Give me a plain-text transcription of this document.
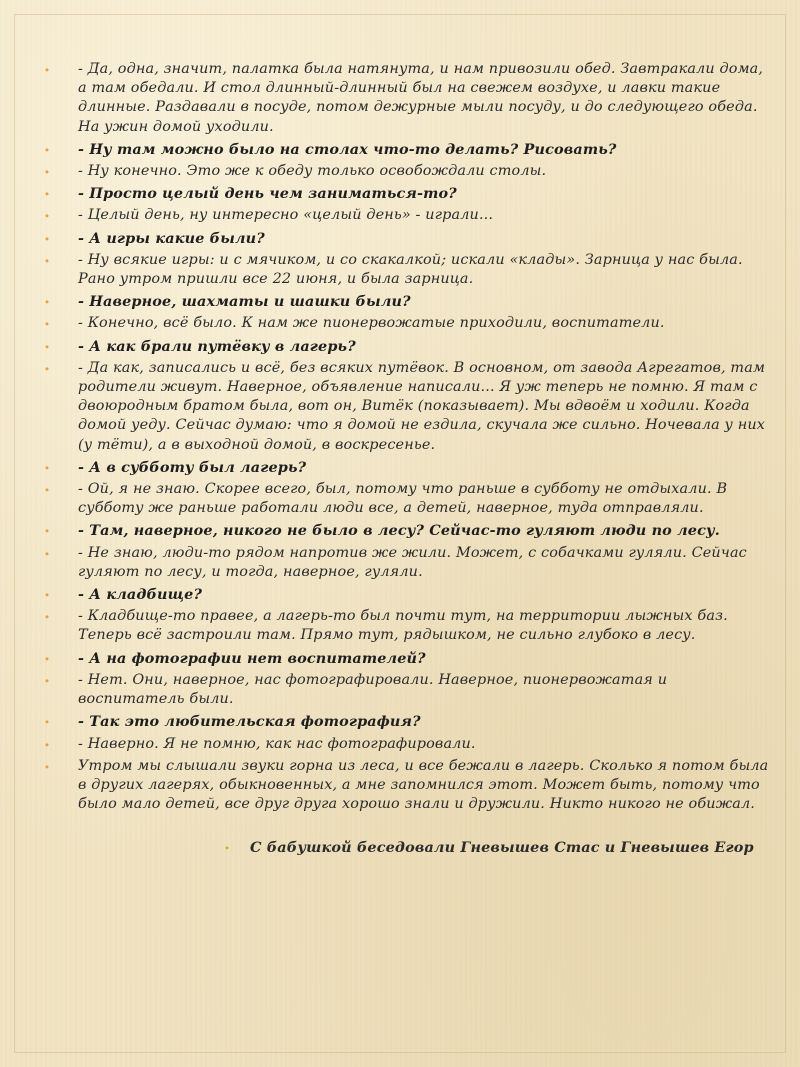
⬩	- Да, одна, значит, палатка была натянута, и нам привозили обед. Завтракали дома, а там обедали. И стол длинный-длинный был на свежем воздухе, и лавки такие длинные. Раздавали в посуде, потом дежурные мыли посуду, и до следующего обеда. На ужин домой уходили.
⬩	- Ну там можно было на столах что-то делать? Рисовать?
⬩	- Ну конечно. Это же к обеду только освобождали столы.
⬩	- Просто целый день чем заниматься-то?
⬩	- Целый день, ну интересно «целый день» - играли...
⬩	- А игры какие были?
⬩	- Ну всякие игры: и с мячиком, и со скакалкой; искали «клады». Зарница у нас была. Рано утром пришли все 22 июня, и была зарница.
⬩	- Наверное, шахматы и шашки были?
⬩	- Конечно, всё было. К нам же пионервожатые приходили, воспитатели.
⬩	- А как брали путёвку в лагерь?
⬩	- Да как, записались и всё, без всяких путёвок. В основном, от завода Агрегатов, там родители живут. Наверное, объявление написали... Я уж теперь не помню. Я там с двоюродным братом была, вот он, Витёк (показывает). Мы вдвоём и ходили. Когда домой уеду. Сейчас думаю: что я домой не ездила, скучала же сильно. Ночевала у них (у тёти), а в выходной домой, в воскресенье.
⬩	- А в субботу был лагерь?
⬩	- Ой, я не знаю. Скорее всего, был, потому что раньше в субботу не отдыхали. В субботу же раньше работали люди все, а детей, наверное, туда отправляли.
⬩	- Там, наверное, никого не было в лесу? Сейчас-то гуляют люди по лесу.
⬩	- Не знаю, люди-то рядом напротив же жили. Может, с собачками гуляли. Сейчас гуляют по лесу, и тогда, наверное, гуляли.
⬩	- А кладбище?
⬩	- Кладбище-то правее, а лагерь-то был почти тут, на территории лыжных баз. Теперь всё застроили там. Прямо тут, рядышком, не сильно глубоко в лесу.
⬩	- А на фотографии нет воспитателей?
⬩	- Нет. Они, наверное, нас фотографировали. Наверное, пионервожатая и воспитатель были.
⬩	- Так это любительская фотография?
⬩	- Наверно. Я не помню, как нас фотографировали.
⬩	Утром мы слышали звуки горна из леса, и все бежали в лагерь. Сколько я потом была в других лагерях, обыкновенных, а мне запомнился этот. Может быть, потому что было мало детей, все друг друга хорошо знали и дружили. Никто никого не обижал.
⬩	С бабушкой беседовали Гневышев Стас и Гневышев Егор
